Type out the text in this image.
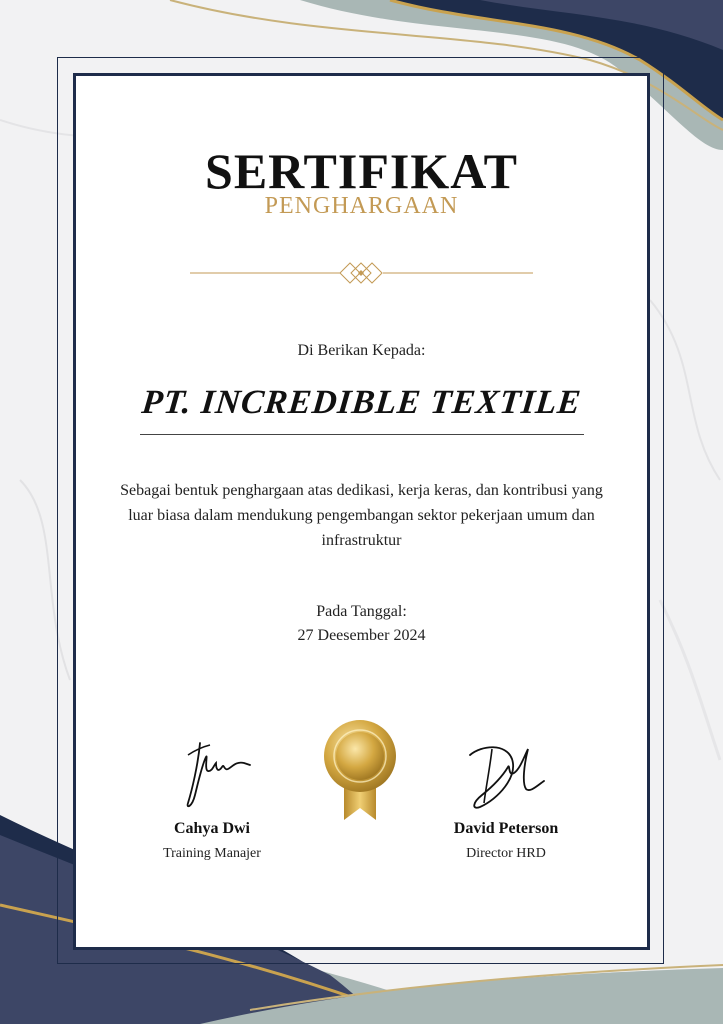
SERTIFIKAT
PENGHARGAAN
Di Berikan Kepada:
PT. INCREDIBLE TEXTILE
Sebagai bentuk penghargaan atas dedikasi, kerja keras, dan kontribusi yang luar biasa dalam mendukung pengembangan sektor pekerjaan umum dan infrastruktur
Pada Tanggal:
27 Deesember 2024
Cahya Dwi
Training Manajer
David Peterson
Director HRD
